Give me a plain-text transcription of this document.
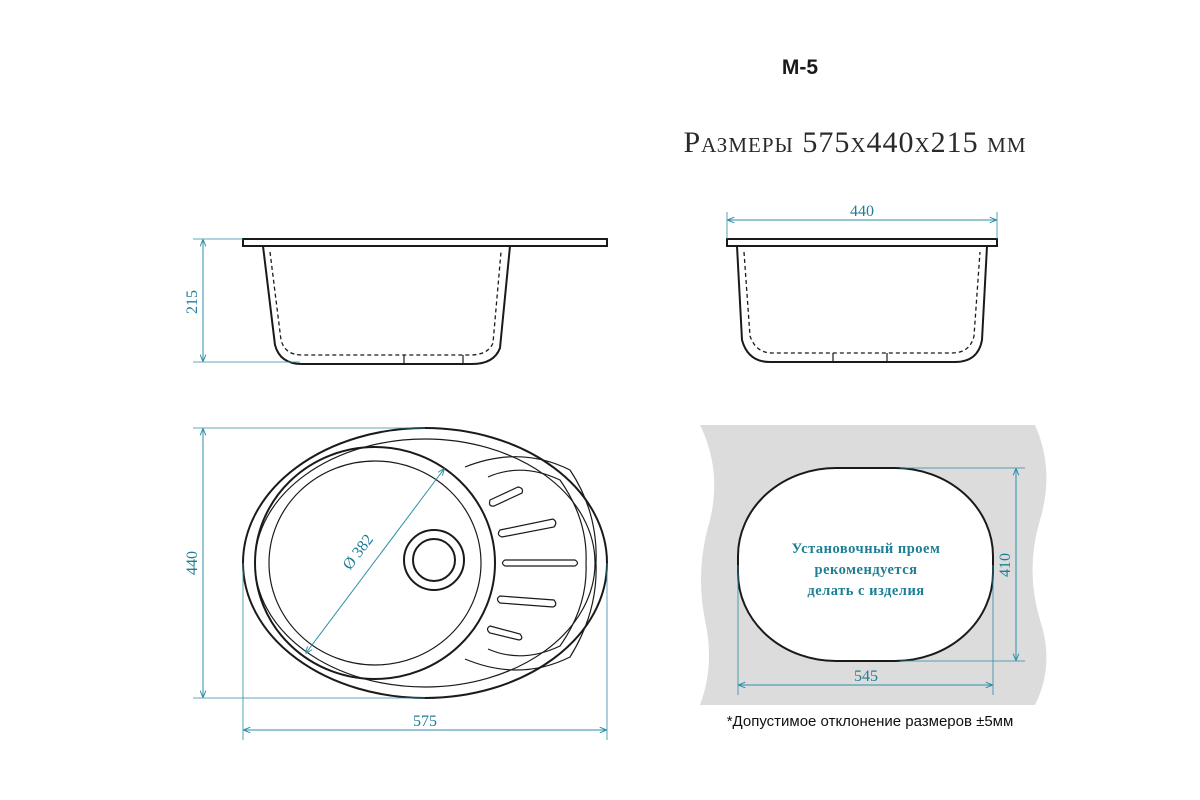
M-5
Размеры 575x440x215 мм
215
440
Ø 382
440
575
Установочный проем
рекомендуется
делать с изделия
410
545
*Допустимое отклонение размеров ±5мм
